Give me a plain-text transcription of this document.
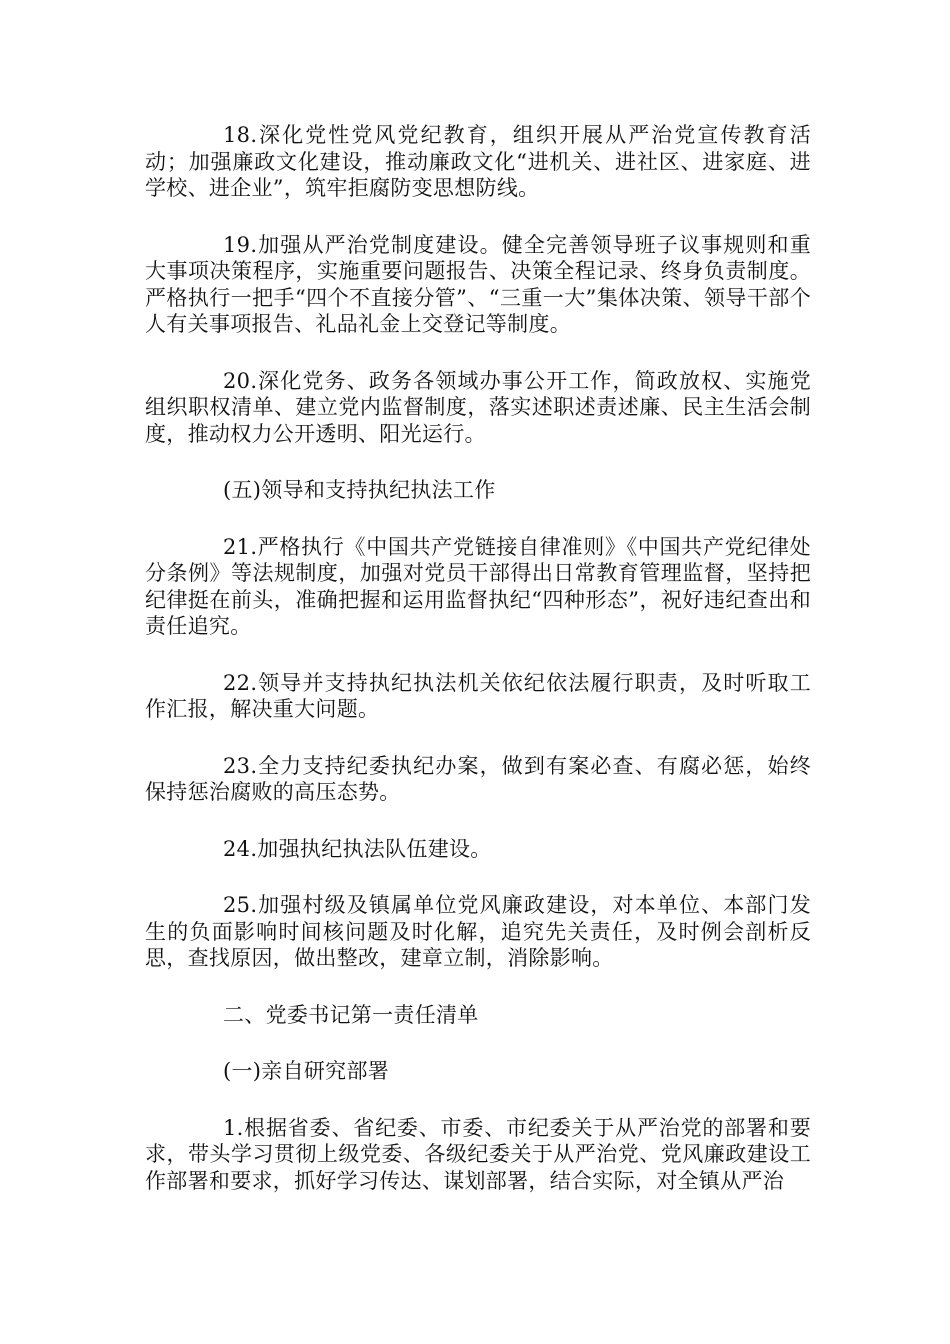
18.深化党性党风党纪教育，组织开展从严治党宣传教育活动；加强廉政文化建设，推动廉政文化“进机关、进社区、进家庭、进学校、进企业”，筑牢拒腐防变思想防线。

19.加强从严治党制度建设。健全完善领导班子议事规则和重大事项决策程序，实施重要问题报告、决策全程记录、终身负责制度。严格执行一把手“四个不直接分管”、“三重一大”集体决策、领导干部个人有关事项报告、礼品礼金上交登记等制度。

20.深化党务、政务各领域办事公开工作，简政放权、实施党组织职权清单、建立党内监督制度，落实述职述责述廉、民主生活会制度，推动权力公开透明、阳光运行。

(五)领导和支持执纪执法工作

21.严格执行《中国共产党链接自律准则》《中国共产党纪律处分条例》等法规制度，加强对党员干部得出日常教育管理监督，坚持把纪律挺在前头，准确把握和运用监督执纪“四种形态”，祝好违纪查出和责任追究。

22.领导并支持执纪执法机关依纪依法履行职责，及时听取工作汇报，解决重大问题。

23.全力支持纪委执纪办案，做到有案必查、有腐必惩，始终保持惩治腐败的高压态势。

24.加强执纪执法队伍建设。

25.加强村级及镇属单位党风廉政建设，对本单位、本部门发生的负面影响时间核问题及时化解，追究先关责任，及时例会剖析反思，查找原因，做出整改，建章立制，消除影响。

二、党委书记第一责任清单

(一)亲自研究部署

1.根据省委、省纪委、市委、市纪委关于从严治党的部署和要求，带头学习贯彻上级党委、各级纪委关于从严治党、党风廉政建设工作部署和要求，抓好学习传达、谋划部署，结合实际，对全镇从严治
